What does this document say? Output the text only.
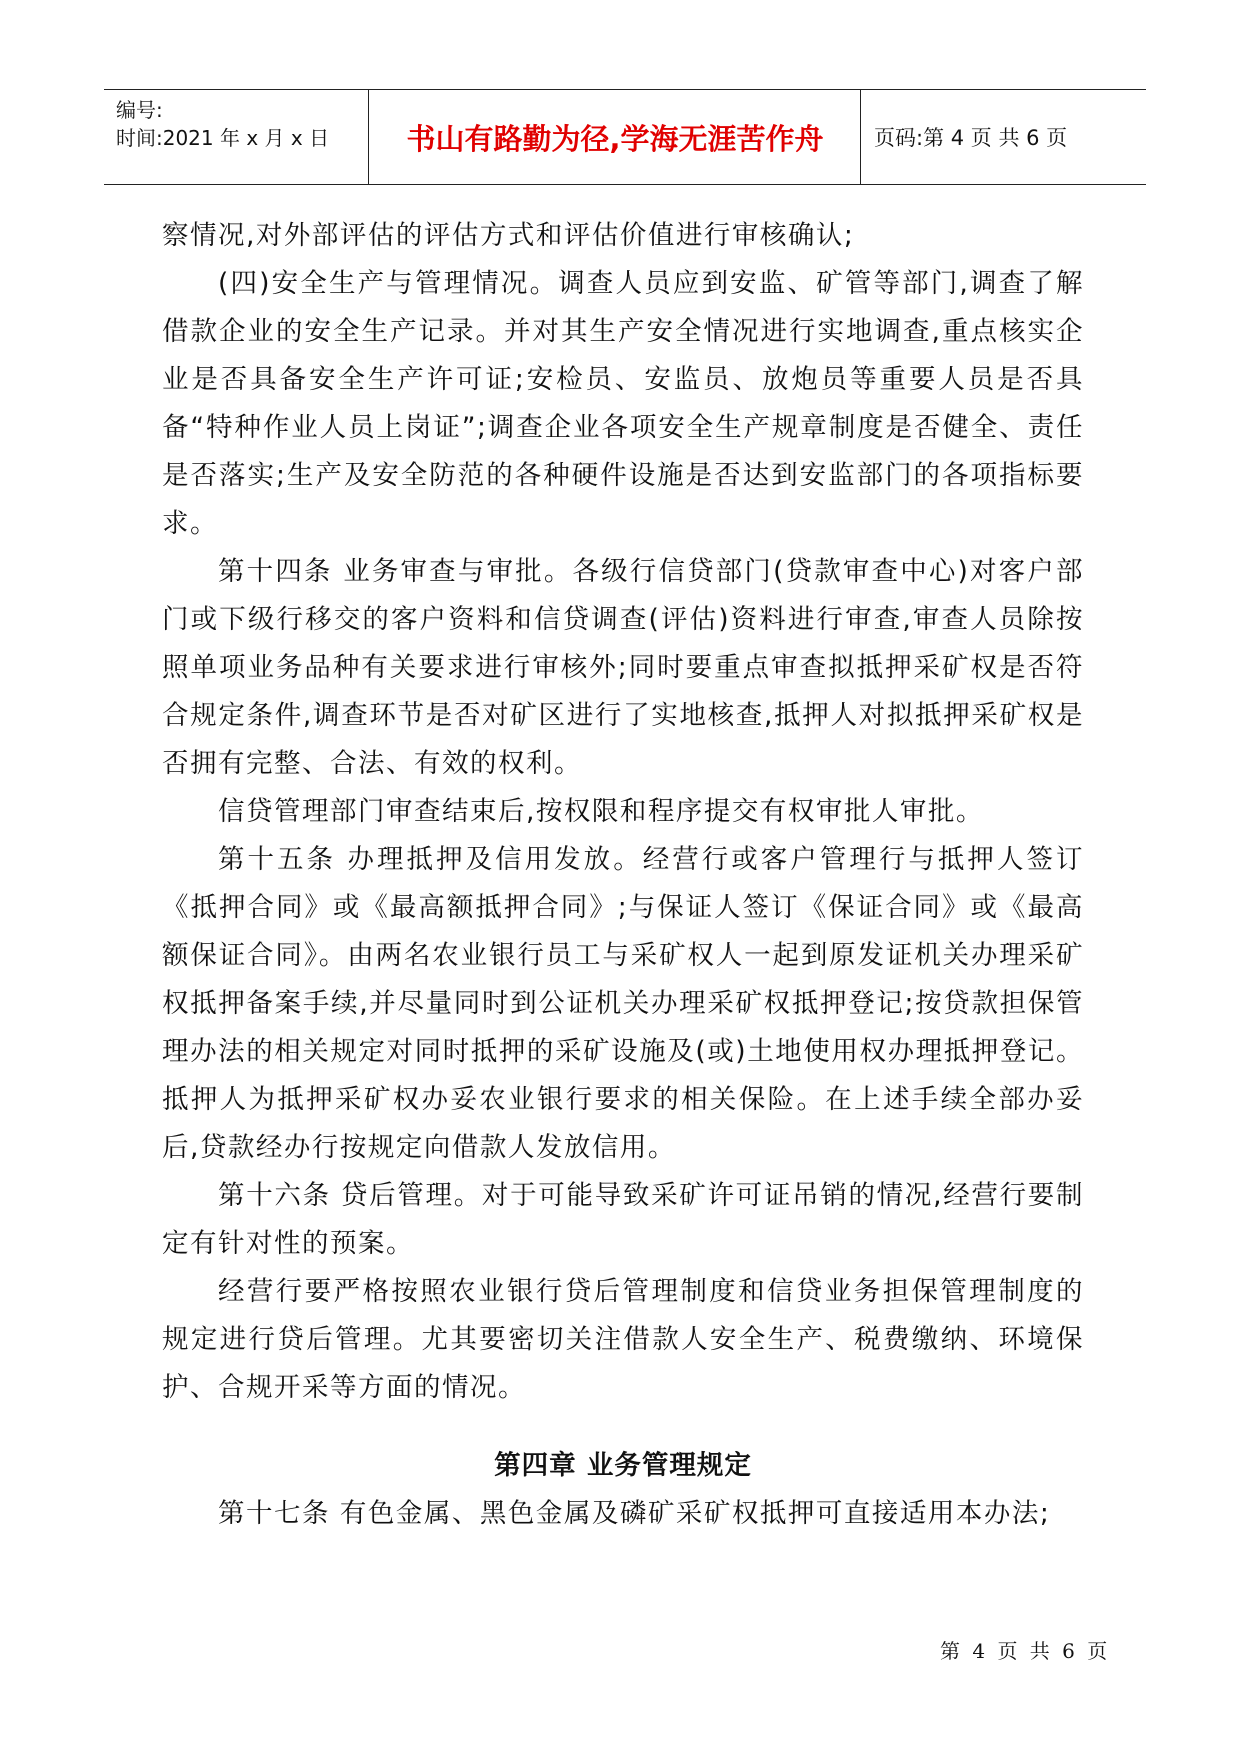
编号:
时间:2021 年 x 月 x 日	书山有路勤为径,学海无涯苦作舟	页码:第 4 页 共 6 页

察情况,对外部评估的评估方式和评估价值进行审核确认;

(四)安全生产与管理情况。调查人员应到安监、矿管等部门,调查了解借款企业的安全生产记录。并对其生产安全情况进行实地调查,重点核实企业是否具备安全生产许可证;安检员、安监员、放炮员等重要人员是否具备“特种作业人员上岗证”;调查企业各项安全生产规章制度是否健全、责任是否落实;生产及安全防范的各种硬件设施是否达到安监部门的各项指标要求。

第十四条 业务审查与审批。各级行信贷部门(贷款审查中心)对客户部门或下级行移交的客户资料和信贷调查(评估)资料进行审查,审查人员除按照单项业务品种有关要求进行审核外;同时要重点审查拟抵押采矿权是否符合规定条件,调查环节是否对矿区进行了实地核查,抵押人对拟抵押采矿权是否拥有完整、合法、有效的权利。

信贷管理部门审查结束后,按权限和程序提交有权审批人审批。

第十五条 办理抵押及信用发放。经营行或客户管理行与抵押人签订《抵押合同》或《最高额抵押合同》;与保证人签订《保证合同》或《最高额保证合同》。由两名农业银行员工与采矿权人一起到原发证机关办理采矿权抵押备案手续,并尽量同时到公证机关办理采矿权抵押登记;按贷款担保管理办法的相关规定对同时抵押的采矿设施及(或)土地使用权办理抵押登记。抵押人为抵押采矿权办妥农业银行要求的相关保险。在上述手续全部办妥后,贷款经办行按规定向借款人发放信用。

第十六条 贷后管理。对于可能导致采矿许可证吊销的情况,经营行要制定有针对性的预案。

经营行要严格按照农业银行贷后管理制度和信贷业务担保管理制度的规定进行贷后管理。尤其要密切关注借款人安全生产、税费缴纳、环境保护、合规开采等方面的情况。

第四章 业务管理规定

第十七条 有色金属、黑色金属及磷矿采矿权抵押可直接适用本办法;

第 4 页 共 6 页
